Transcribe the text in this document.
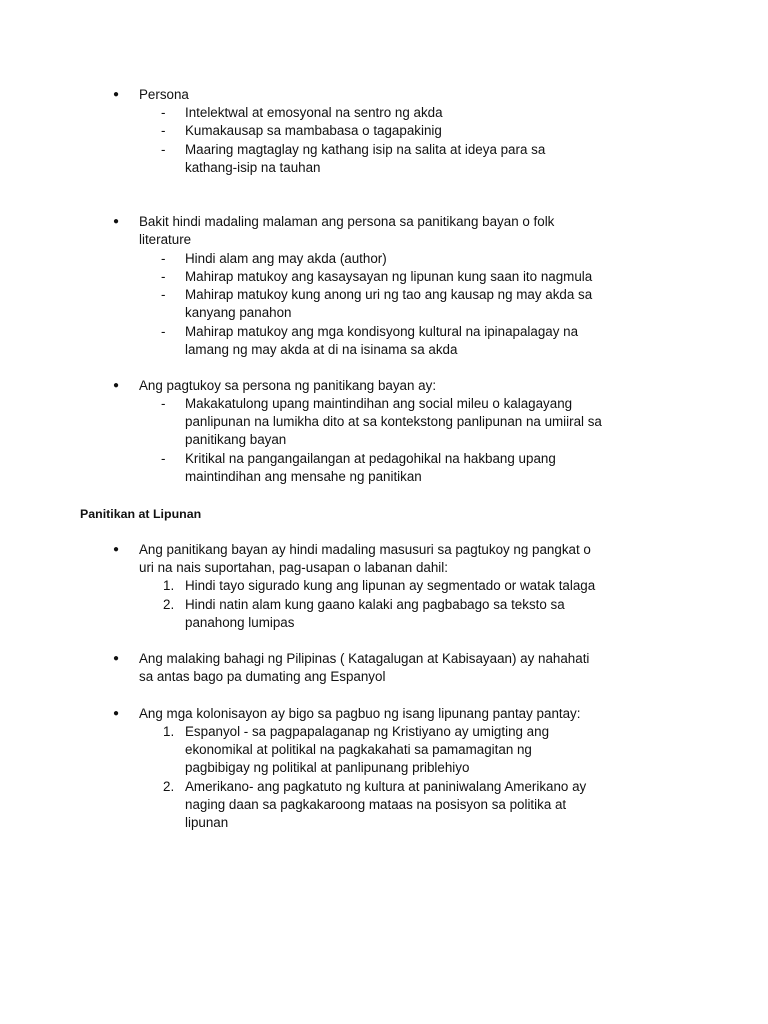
● Persona
- Intelektwal at emosyonal na sentro ng akda
- Kumakausap sa mambabasa o tagapakinig
- Maaring magtaglay ng kathang isip na salita at ideya para sa
kathang-isip na tauhan
● Bakit hindi madaling malaman ang persona sa panitikang bayan o folk
literature
- Hindi alam ang may akda (author)
- Mahirap matukoy ang kasaysayan ng lipunan kung saan ito nagmula
- Mahirap matukoy kung anong uri ng tao ang kausap ng may akda sa
kanyang panahon
- Mahirap matukoy ang mga kondisyong kultural na ipinapalagay na
lamang ng may akda at di na isinama sa akda
● Ang pagtukoy sa persona ng panitikang bayan ay:
- Makakatulong upang maintindihan ang social mileu o kalagayang
panlipunan na lumikha dito at sa kontekstong panlipunan na umiiral sa
panitikang bayan
- Kritikal na pangangailangan at pedagohikal na hakbang upang
maintindihan ang mensahe ng panitikan
Panitikan at Lipunan
● Ang panitikang bayan ay hindi madaling masusuri sa pagtukoy ng pangkat o
uri na nais suportahan, pag-usapan o labanan dahil:
1. Hindi tayo sigurado kung ang lipunan ay segmentado or watak talaga
2. Hindi natin alam kung gaano kalaki ang pagbabago sa teksto sa
panahong lumipas
● Ang malaking bahagi ng Pilipinas ( Katagalugan at Kabisayaan) ay nahahati
sa antas bago pa dumating ang Espanyol
● Ang mga kolonisayon ay bigo sa pagbuo ng isang lipunang pantay pantay:
1. Espanyol - sa pagpapalaganap ng Kristiyano ay umigting ang
ekonomikal at politikal na pagkakahati sa pamamagitan ng
pagbibigay ng politikal at panlipunang priblehiyo
2. Amerikano- ang pagkatuto ng kultura at paniniwalang Amerikano ay
naging daan sa pagkakaroong mataas na posisyon sa politika at
lipunan
